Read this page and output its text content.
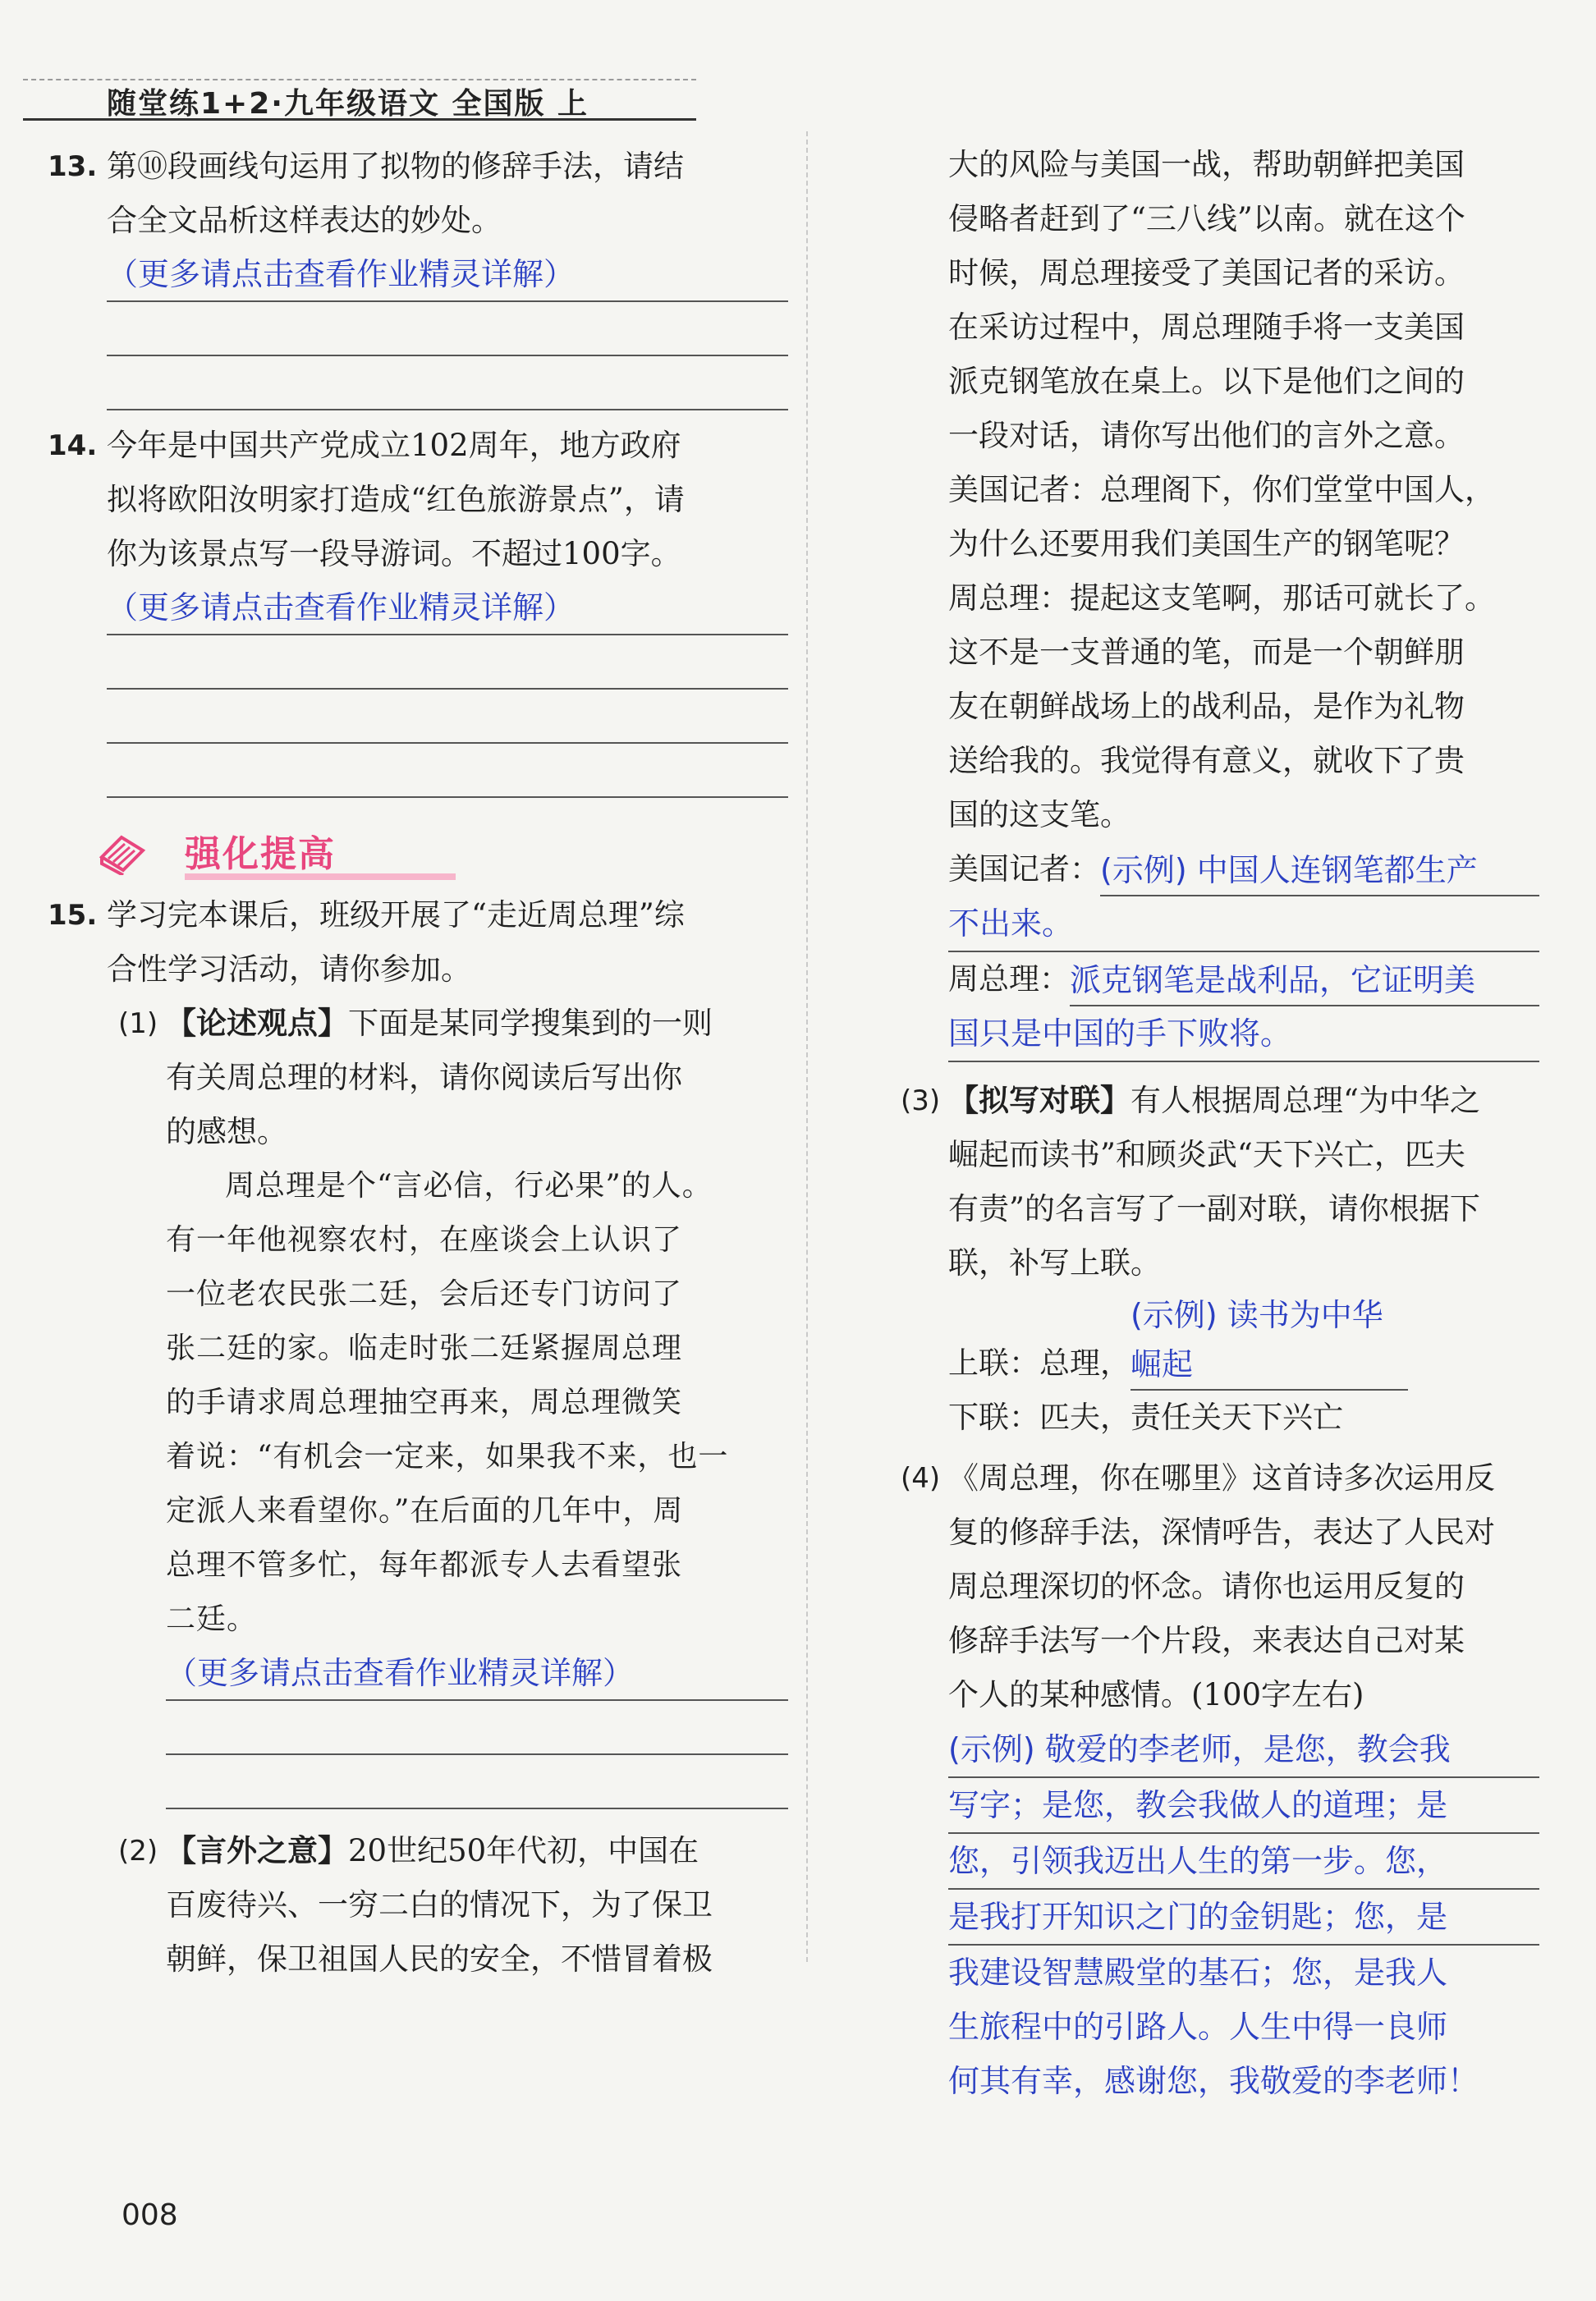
随堂练1+2·九年级语文 全国版 上
13. 第⑩段画线句运用了拟物的修辞手法，请结
合全文品析这样表达的妙处。
（更多请点击查看作业精灵详解）
14. 今年是中国共产党成立102周年，地方政府
拟将欧阳汝明家打造成“红色旅游景点”，请
你为该景点写一段导游词。不超过100字。
（更多请点击查看作业精灵详解）
强化提高
15. 学习完本课后，班级开展了“走近周总理”综
合性学习活动，请你参加。
(1) 【论述观点】下面是某同学搜集到的一则
有关周总理的材料，请你阅读后写出你
的感想。
周总理是个“言必信，行必果”的人。
有一年他视察农村，在座谈会上认识了
一位老农民张二廷，会后还专门访问了
张二廷的家。临走时张二廷紧握周总理
的手请求周总理抽空再来，周总理微笑
着说：“有机会一定来，如果我不来，也一
定派人来看望你。”在后面的几年中，周
总理不管多忙，每年都派专人去看望张
二廷。
（更多请点击查看作业精灵详解）
(2) 【言外之意】20世纪50年代初，中国在
百废待兴、一穷二白的情况下，为了保卫
朝鲜，保卫祖国人民的安全，不惜冒着极
大的风险与美国一战，帮助朝鲜把美国
侵略者赶到了“三八线”以南。就在这个
时候，周总理接受了美国记者的采访。
在采访过程中，周总理随手将一支美国
派克钢笔放在桌上。以下是他们之间的
一段对话，请你写出他们的言外之意。
美国记者：总理阁下，你们堂堂中国人，
为什么还要用我们美国生产的钢笔呢？
周总理：提起这支笔啊，那话可就长了。
这不是一支普通的笔，而是一个朝鲜朋
友在朝鲜战场上的战利品，是作为礼物
送给我的。我觉得有意义，就收下了贵
国的这支笔。
美国记者： (示例) 中国人连钢笔都生产
不出来。
周总理： 派克钢笔是战利品，它证明美
国只是中国的手下败将。
(3) 【拟写对联】有人根据周总理“为中华之
崛起而读书”和顾炎武“天下兴亡，匹夫
有责”的名言写了一副对联，请你根据下
联，补写上联。
上联：总理，
(示例) 读书为中华崛起
下联：匹夫，责任关天下兴亡
(4) 《周总理，你在哪里》这首诗多次运用反
复的修辞手法，深情呼告，表达了人民对
周总理深切的怀念。请你也运用反复的
修辞手法写一个片段，来表达自己对某
个人的某种感情。(100字左右)
(示例) 敬爱的李老师，是您，教会我
写字；是您，教会我做人的道理；是
您，引领我迈出人生的第一步。您，
是我打开知识之门的金钥匙；您，是
我建设智慧殿堂的基石；您，是我人
生旅程中的引路人。人生中得一良师
何其有幸，感谢您，我敬爱的李老师！
008
